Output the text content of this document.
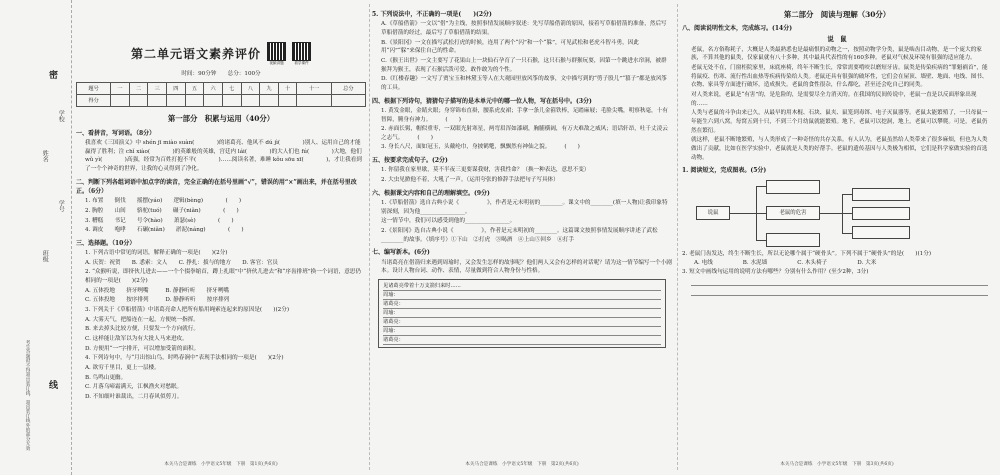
学校
学号
姓名
班级
密
线
考生答题时不得超出装订线，超出装订线外的部分无效
第二单元语文素养评价
视频讲题	看学课件
时间：90分钟　　总分：100分
题号	一	二	三	四	五	六	七	八	九	十	十一	总分
得分												
第一部分　积累与运用（40分）
一、看拼音，写词语。（8分）
我喜欢《三国演义》中 shén jī miào suàn(　　　　)的诸葛亮、他风不 dú jì(　　　　)别人、运用自己的才能赢得了胜利；注 chǐ xiào(　　　　)的英雄般的英雄，宫廷内 lái(　　　　)的大人们也 fú(　　　　)大地，他们 wǔ yì(　　　　)高强，经常为百姓打抱不平(　　　　)……阅读名著，难睡 kǒu sōu xī(　　　　)，才让我看到了一个个神奇的世界，让我的心灵得到了净化。
二、判断下列各组词语中加点字的读音，完全正确的在括号里画“√”，错误的用“×”画出来，并在括号里改正。（6分）
1. 布置　　倒伐　　摇摆(yáo)　　逻辑(bèng)　　　　(　　)
2. 胸腔　　山间　　骆驼(tuó)　　碾子(niǎn)　　　　(　　)
3. 糟糕　　书记　　号令(hào)　　萧瑟(sè)　　　　(　　)
4. 调皮　　咆哮　　石碾(niǎn)　　淤泥(náng)　　　　(　　)
三、选择题。（10分）
1. 下列古语中常见的词语，解释正确的一项是(　　)(2分)
A. 庆贺：祝贺　　B. 悉索：文人　　C. 挣扎：拔与的地方　　D. 客官：官员
2. “众猴听说，即挤伙儿进去——一个个掇拳缩首，蹲上扎眼”中“挤伙儿进去”和“序齿排班”换一个词语，意思仍相同的一项是(　　)(2分)
A. 五体投地　　挤牙咧嘴　　　B. 静静听听　　挤牙咧嘴
C. 五体投地　　按序排列　　　D. 静静听听　　按序排列
3. 下列关于《草船借箭》中诸葛亮命人把所有船用绳索连起来的原因是(　　)(2分)
A. 大雾天气，把船连在一起，方便统一指挥。
B. 来去掉头比较方便，只要发一个方向就行。
C. 这样能让敌军以为有大批人马来进攻。
D. 方便用“一”字排开，可以增加受箭的面积。
4. 下列诗句中，与“月出惊山鸟，时鸣春涧中”表现手法相同的一项是(　　)(2分)
A. 欲穷千里目，更上一层楼。
B. 鸟鸣山更幽。
C. 月落乌啼霜满天，江枫渔火对愁眠。
D. 不知细叶谁裁出，二月春风似剪刀。
本关马合是课练　小学语文5年级　下册　第1页(共6页)
5. 下列说法中，不正确的一项是(　　)(2分)
A.《草船借箭》一文以“借”为主线，按照事情发展顺序叙述：先写草船借箭的原因，接着写草船借箭的准备，然后写草船借箭的经过，最后写了草船借箭的结果。
B.《景阳冈》一文在描写武松打虎的时候，连用了两个“闪”和一个“躲”，可见武松和老虎斗智斗勇，因此用“闪”“躲”来保住自己的性命。
C.《猴王出世》一文主要写了花果山上一块仙石孕育了一只石猴，这只石猴与群猴玩耍，因第一个跳进水帘洞，被群猴拜为猴王，表现了石猴活泼可爱、敢作敢为的个性。
D.《红楼春趣》一文写了贾宝玉和林黛玉等人在大观园里放风筝的故事，文中描写到的“剪子股儿”“篡子”都是放风筝的工具。
四、根据下列诗句，猜猜句子描写的是本单元中的哪一位人物，写在括号中。(3分)
1. 黄发金眼，金睛火眼；身穿锦布直褂，腰系虎皮裙；手拿一条儿金箍铁棒，足踏麻屐；毛脸尖嘴，明察秋毫，十有智障，腾身有神力。　　　(　　)
2. 赤面长髯，帽似重枣，一双眼光射寒星，两弯眉浑如漆刷，胸脯横阔，有万夫难敌之威风；语话轩昂，吐千丈凌云之志气。　　　(　　)
3. 身长八尺，面如冠玉，头戴纶巾，身披鹤氅，飘飘然有神仙之貌。　　　(　　)
五、按要求完成句子。(2分)
1. 你留我在家里歇，莫不半夜三更要谋我财，害我性命？（换一种表达，意思不变）
2. 大虫见掀他不着，大吼了一声。（运用夸张的修辞手法把句子写具体）
六、根据课文内容和自己的理解填空。(9分)
1.《草船借箭》选自古典小说《　　　　　》，作者是元末明初的________。课文中的________(填一人物)让我印象特别深刻，因为他________________。
这一情节中，我们可以感受到他的________________。
2.《景阳冈》选自古典小说《　　　　　》，作者是元末明初的________。这篇课文按照事情发展顺序讲述了武松________的故事。（填序号）①下山　②打虎　③喝酒　④上山⑤回乡　⑥打手
七、编写新本。(6分)
当诸葛亮在借箭归来遇到周瑜时，又会发生怎样的故事呢？他们两人又会有怎样的对话呢？请为这一情节编写一个小剧本。设计人物台词、动作、表情，尽量做到符合人物身份与性格。
见诸葛亮带着十万支箭归来时……
周瑜：
诸葛亮：
周瑜：
诸葛亮：
周瑜：
诸葛亮：
本关马合是课练　小学语文5年级　下册　第2页(共6页)
第二部分　阅读与理解（30分）
八、阅读说明性文本，完成练习。(14分)
说　鼠
老鼠，名方俗称耗子，大概是人类最熟悉也是最痛恨的动物之一，按照动物学分类，鼠是啮齿目动物，是一个庞大的家族，不算其他的鼠类，仅家鼠就有八十多种，其中最具代表性的有160多种。老鼠对气候及环境有很强的适应能力。
老鼠无处不在，门窗柜院家里，床底座椅，终年不断生长，常常需要啃咬以磨短牙齿。鼠类是传染疾病的“罪魁祸首”，能将鼠疫、伤寒、流行性出血热等疾病传染给人类。老鼠还具有很强的破坏性，它们会在屋顶、墙壁、地面、电线、图书、衣物、家具等方面进行破坏，造成损失。老鼠的食性很杂，什么都吃，甚至还会吃自己的同类。
对人类来说，老鼠是“有害”的，是危险的，是需要尽全力消灭的。在我国的民间传说中，老鼠一直是以反面形象出现的……
人类与老鼠的斗争由来已久，从最早的用木棍、石块、鼠夹、鼠笼到毒饵、电子灭鼠器等。老鼠太能繁殖了，一只母鼠一年能生六到八窝，每窝五到十只，不到三个月幼鼠就能繁殖。地下，老鼠可以挖洞，地上，老鼠可以攀爬。可是，老鼠仍然在繁衍。
就这样，老鼠不断地繁殖，与人类形成了一种奇怪的共存关系。有人认为，老鼠虽然给人类带来了很多麻烦，但也为人类做出了贡献，比如在医学实验中，老鼠就是人类的好帮手。老鼠的遗传基因与人类极为相似，它们是科学家做实验的首选动物。
1. 阅读短文，完成图表。(5分)
说鼠	老鼠的危害
2. 老鼠门齿发达，终生不断生长，所以无论哪个属于“硬骨头”。下列不属于“硬骨头”的是(　　)(1分)
A. 电线	B. 水泥墙	C. 木头椅子	D. 大米
3. 短文中画线句运用的说明方法有哪些？分别有什么作用？(至少2种，3分)
本关马合是课练　小学语文5年级　下册　第3页(共6页)
